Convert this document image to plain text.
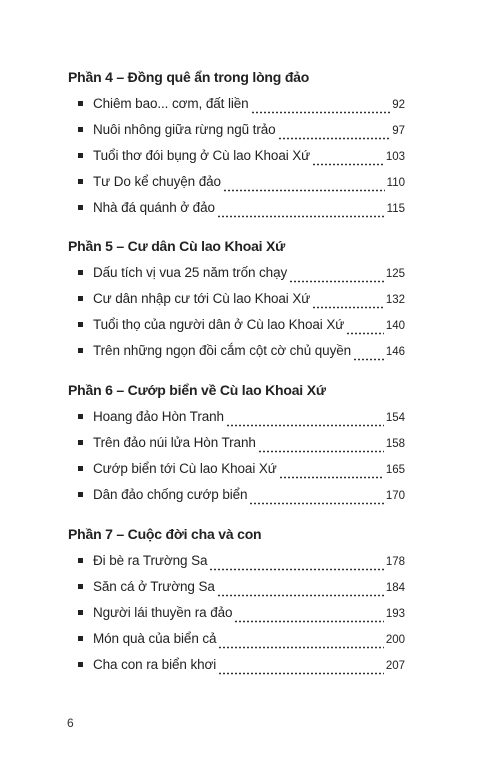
Phần 4 – Đồng quê ẩn trong lòng đảo
Chiêm bao... cơm, đất liền	92
Nuôi nhông giữa rừng ngũ trảo	97
Tuổi thơ đói bụng ở Cù lao Khoai Xứ	103
Tư Do kể chuyện đảo	110
Nhà đá quánh ở đảo	115
Phần 5 – Cư dân Cù lao Khoai Xứ
Dấu tích vị vua 25 năm trốn chạy	125
Cư dân nhập cư tới Cù lao Khoai Xứ	132
Tuổi thọ của người dân ở Cù lao Khoai Xứ	140
Trên những ngọn đồi cắm cột cờ chủ quyền	146
Phần 6 – Cướp biển về Cù lao Khoai Xứ
Hoang đảo Hòn Tranh	154
Trên đảo núi lửa Hòn Tranh	158
Cướp biển tới Cù lao Khoai Xứ	165
Dân đảo chống cướp biển	170
Phần 7 – Cuộc đời cha và con
Đi bè ra Trường Sa	178
Săn cá ở Trường Sa	184
Người lái thuyền ra đảo	193
Món quà của biển cả	200
Cha con ra biển khơi	207
6
